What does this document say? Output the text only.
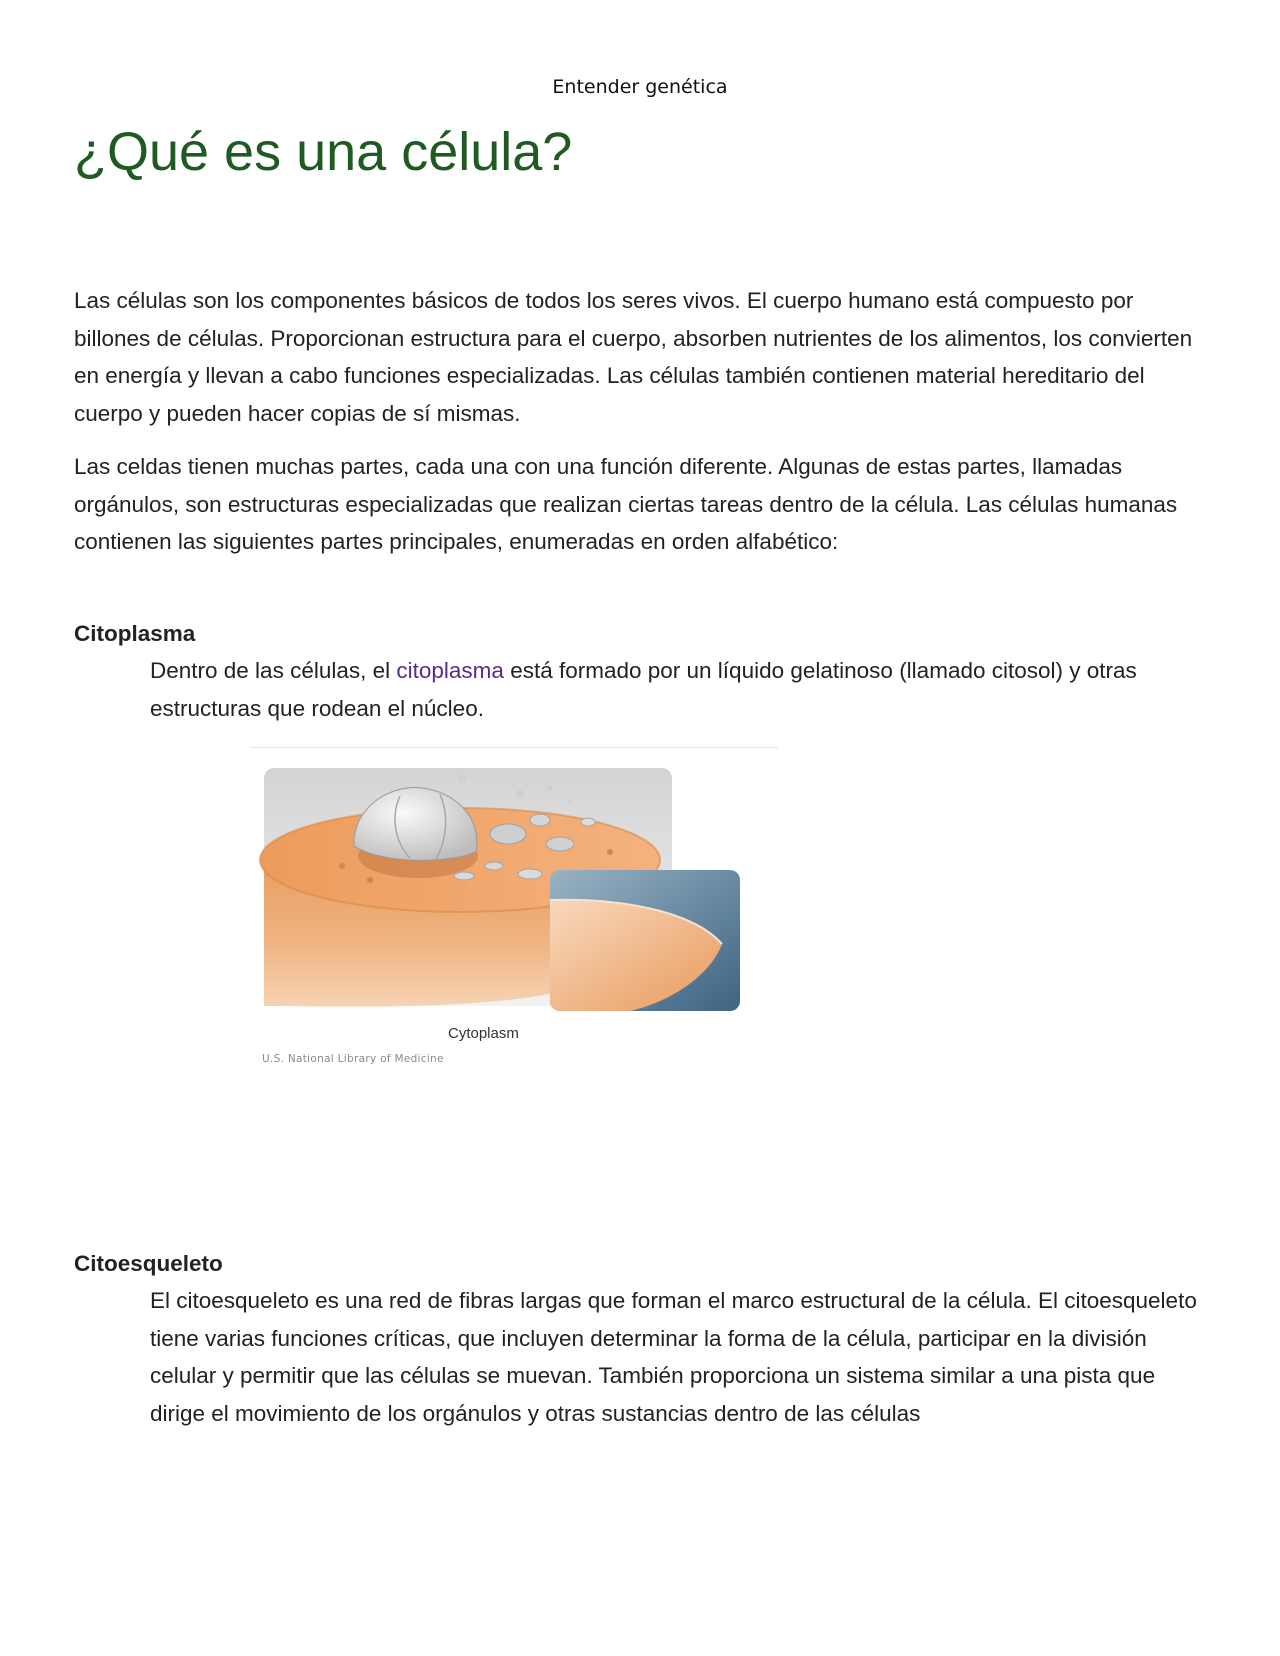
Entender genética
¿Qué es una célula?

Las células son los componentes básicos de todos los seres vivos. El cuerpo humano está compuesto por billones de células. Proporcionan estructura para el cuerpo, absorben nutrientes de los alimentos, los convierten en energía y llevan a cabo funciones especializadas. Las células también contienen material hereditario del cuerpo y pueden hacer copias de sí mismas.

Las celdas tienen muchas partes, cada una con una función diferente. Algunas de estas partes, llamadas orgánulos, son estructuras especializadas que realizan ciertas tareas dentro de la célula. Las células humanas contienen las siguientes partes principales, enumeradas en orden alfabético:

Citoplasma

Dentro de las células, el citoplasma está formado por un líquido gelatinoso (llamado citosol) y otras estructuras que rodean el núcleo.

Cytoplasm
U.S. National Library of Medicine
Citoesqueleto

El citoesqueleto es una red de fibras largas que forman el marco estructural de la célula. El citoesqueleto tiene varias funciones críticas, que incluyen determinar la forma de la célula, participar en la división celular y permitir que las células se muevan. También proporciona un sistema similar a una pista que dirige el movimiento de los orgánulos y otras sustancias dentro de las células
